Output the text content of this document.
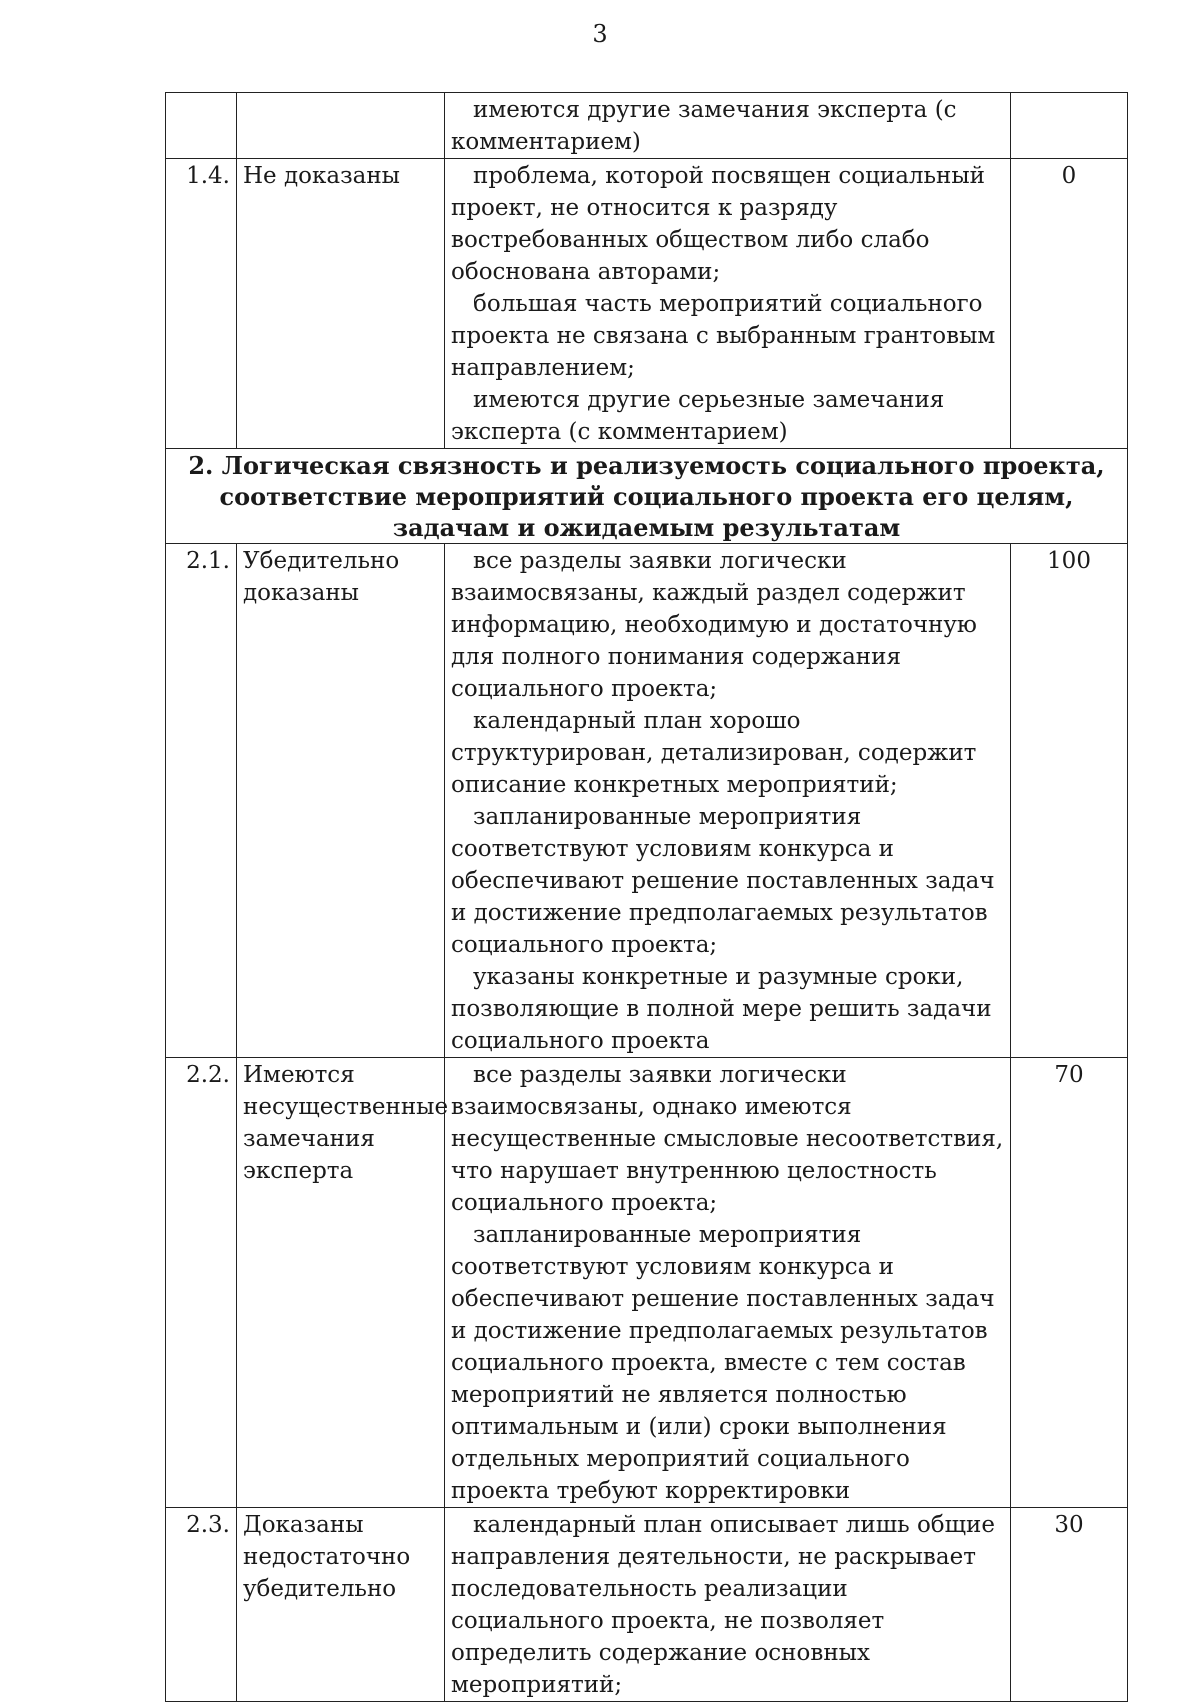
3

		имеются другие замечания эксперта (с комментарием)	

1.4.	Не доказаны	проблема, которой посвящен социальный проект, не относится к разряду востребованных обществом либо слабо обоснована авторами;
большая часть мероприятий социального проекта не связана с выбранным грантовым направлением;
имеются другие серьезные замечания эксперта (с комментарием)	0
2. Логическая связность и реализуемость социального проекта, соответствие мероприятий социального проекта его целям, задачам и ожидаемым результатам			
2.1.	Убедительно доказаны	все разделы заявки логически взаимосвязаны, каждый раздел содержит информацию, необходимую и достаточную для полного понимания содержания социального проекта;
календарный план хорошо структурирован, детализирован, содержит описание конкретных мероприятий;
запланированные мероприятия соответствуют условиям конкурса и обеспечивают решение поставленных задач и достижение предполагаемых результатов социального проекта;
указаны конкретные и разумные сроки, позволяющие в полной мере решить задачи социального проекта	100
2.2.	Имеются несущественные замечания эксперта	все разделы заявки логически взаимосвязаны, однако имеются несущественные смысловые несоответствия, что нарушает внутреннюю целостность социального проекта;
запланированные мероприятия соответствуют условиям конкурса и обеспечивают решение поставленных задач и достижение предполагаемых результатов социального проекта, вместе с тем состав мероприятий не является полностью оптимальным и (или) сроки выполнения отдельных мероприятий социального проекта требуют корректировки	70
2.3.	Доказаны недостаточно убедительно	календарный план описывает лишь общие направления деятельности, не раскрывает последовательность реализации социального проекта, не позволяет определить содержание основных мероприятий;	30
